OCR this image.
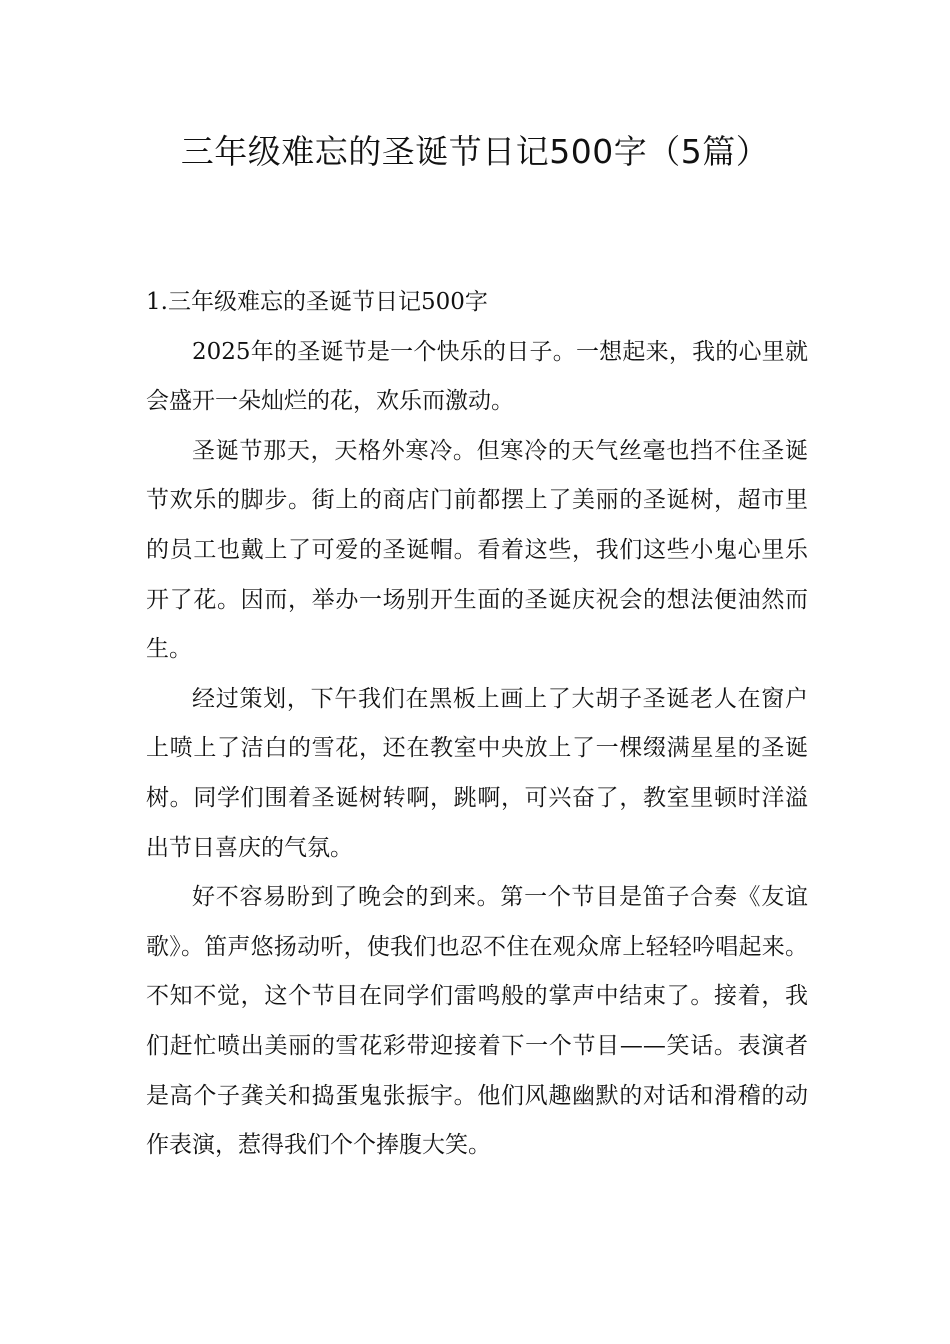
三年级难忘的圣诞节日记500字（5篇）

1.三年级难忘的圣诞节日记500字

2025年的圣诞节是一个快乐的日子。一想起来，我的心里就会盛开一朵灿烂的花，欢乐而激动。

圣诞节那天，天格外寒冷。但寒冷的天气丝毫也挡不住圣诞节欢乐的脚步。街上的商店门前都摆上了美丽的圣诞树，超市里的员工也戴上了可爱的圣诞帽。看着这些，我们这些小鬼心里乐开了花。因而，举办一场别开生面的圣诞庆祝会的想法便油然而生。

经过策划，下午我们在黑板上画上了大胡子圣诞老人在窗户上喷上了洁白的雪花，还在教室中央放上了一棵缀满星星的圣诞树。同学们围着圣诞树转啊，跳啊，可兴奋了，教室里顿时洋溢出节日喜庆的气氛。

好不容易盼到了晚会的到来。第一个节目是笛子合奏《友谊歌》。笛声悠扬动听，使我们也忍不住在观众席上轻轻吟唱起来。不知不觉，这个节目在同学们雷鸣般的掌声中结束了。接着，我们赶忙喷出美丽的雪花彩带迎接着下一个节目——笑话。表演者是高个子龚关和捣蛋鬼张振宇。他们风趣幽默的对话和滑稽的动作表演，惹得我们个个捧腹大笑。
